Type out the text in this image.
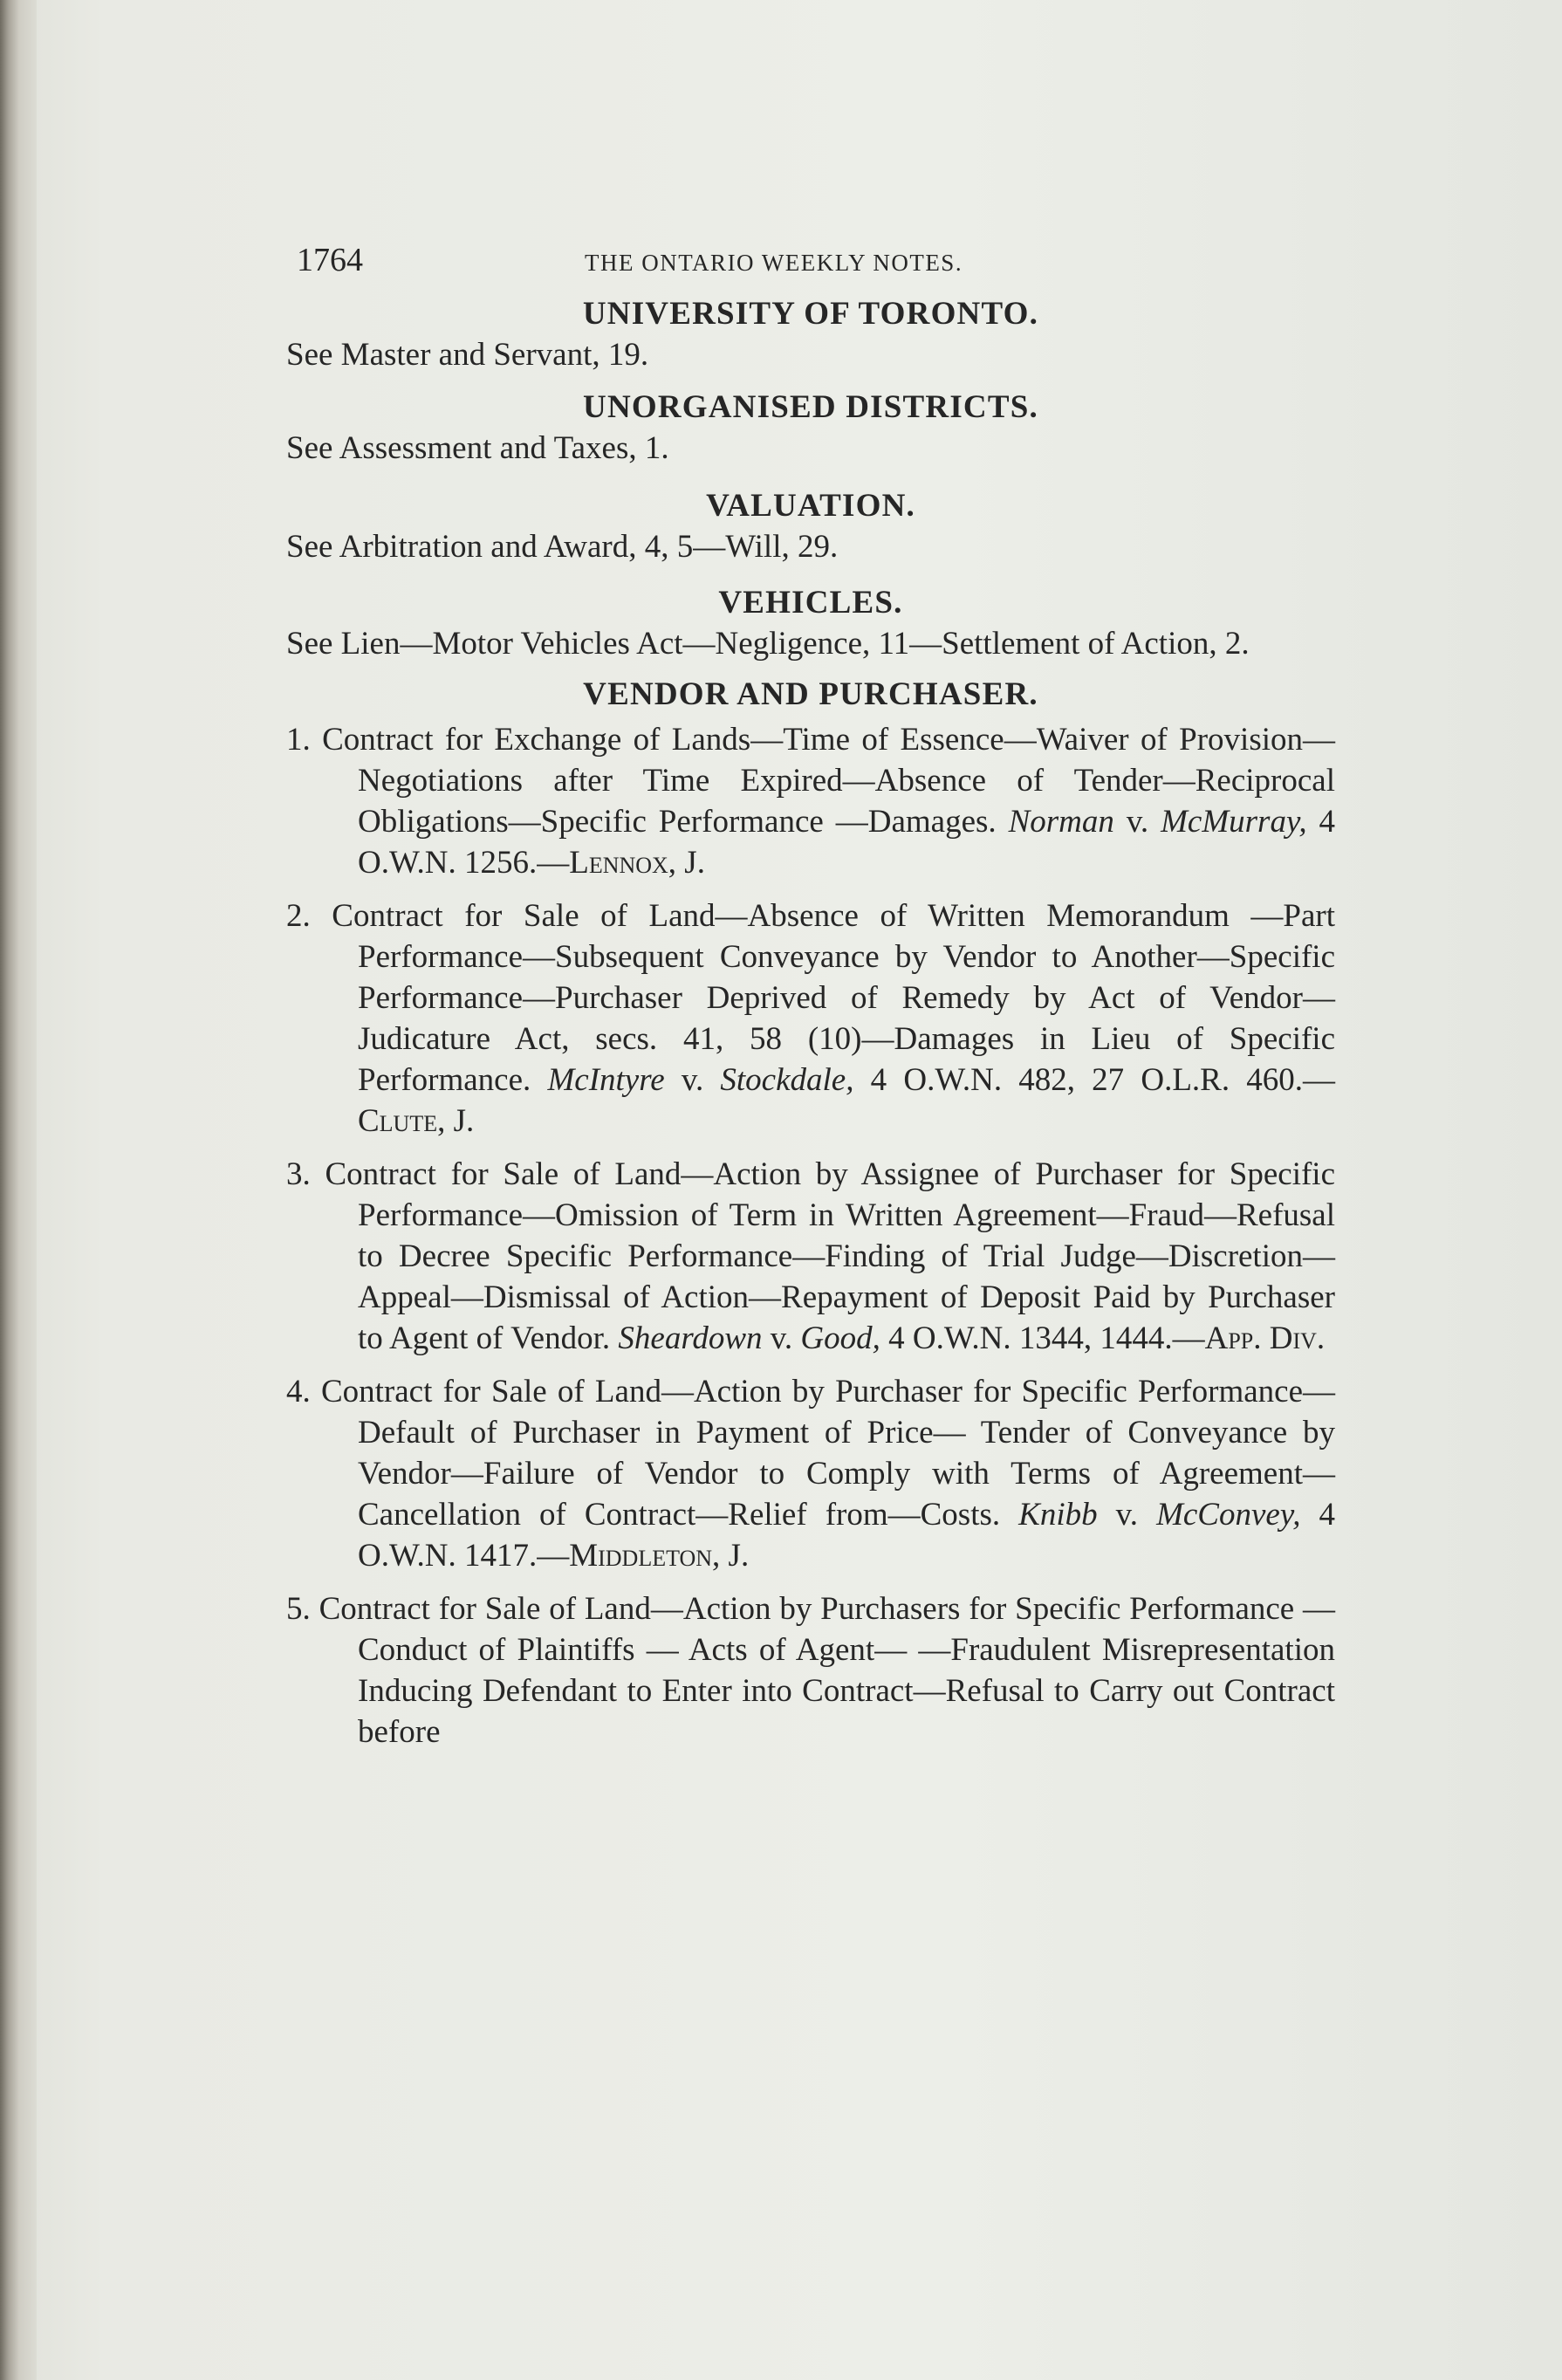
1764	THE ONTARIO WEEKLY NOTES.
UNIVERSITY OF TORONTO.

See Master and Servant, 19.

UNORGANISED DISTRICTS.

See Assessment and Taxes, 1.

VALUATION.

See Arbitration and Award, 4, 5—Will, 29.

VEHICLES.

See Lien—Motor Vehicles Act—Negligence, 11—Settlement of Action, 2.

VENDOR AND PURCHASER.
1. Contract for Exchange of Lands—Time of Essence—Waiver of Provision—Negotiations after Time Expired—Absence of Tender—Reciprocal Obligations—Specific Performance —Damages. Norman v. McMurray, 4 O.W.N. 1256.—Lennox, J.
2. Contract for Sale of Land—Absence of Written Memorandum —Part Performance—Subsequent Conveyance by Vendor to Another—Specific Performance—Purchaser Deprived of Remedy by Act of Vendor—Judicature Act, secs. 41, 58 (10)—Damages in Lieu of Specific Performance. McIntyre v. Stockdale, 4 O.W.N. 482, 27 O.L.R. 460.—Clute, J.
3. Contract for Sale of Land—Action by Assignee of Purchaser for Specific Performance—Omission of Term in Written Agreement—Fraud—Refusal to Decree Specific Performance—Finding of Trial Judge—Discretion—Appeal—Dismissal of Action—Repayment of Deposit Paid by Purchaser to Agent of Vendor. Sheardown v. Good, 4 O.W.N. 1344, 1444.—App. Div.
4. Contract for Sale of Land—Action by Purchaser for Specific Performance—Default of Purchaser in Payment of Price— Tender of Conveyance by Vendor—Failure of Vendor to Comply with Terms of Agreement—Cancellation of Contract—Relief from—Costs. Knibb v. McConvey, 4 O.W.N. 1417.—Middleton, J.
5. Contract for Sale of Land—Action by Purchasers for Specific Performance — Conduct of Plaintiffs — Acts of Agent— —Fraudulent Misrepresentation Inducing Defendant to Enter into Contract—Refusal to Carry out Contract before
